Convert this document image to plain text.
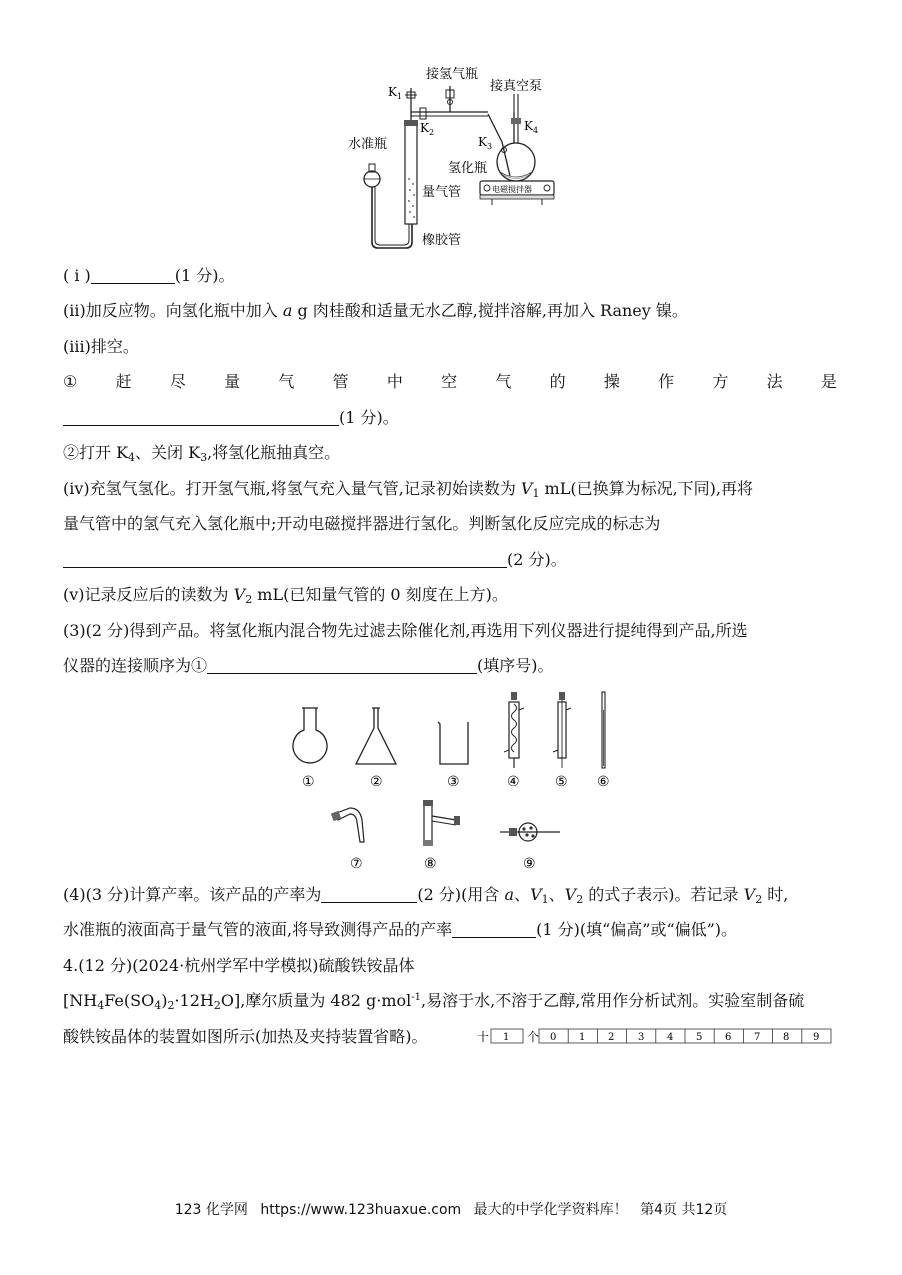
接氢气瓶
接真空泵
$K_1$
$K_2$
$K_3$
$K_4$
水准瓶
氢化瓶
量气管	电磁搅拌器
橡胶管
( ⅰ )	(1 分)。
(ⅱ)加反应物。向氢化瓶中加入 a g 肉桂酸和适量无水乙醇,搅拌溶解,再加入 Raney 镍。
(ⅲ)排空。
① 赶 尽 量 气 管 中 空 气 的 操 作 方 法 是
(1 分)。
②打开 $K_4$、关闭 $K_3$,将氢化瓶抽真空。
(ⅳ)充氢气氢化。打开氢气瓶,将氢气充入量气管,记录初始读数为 $V_1$ mL(已换算为标况,下同),再将
量气管中的氢气充入氢化瓶中;开动电磁搅拌器进行氢化。判断氢化反应完成的标志为
(2 分)。
(ⅴ)记录反应后的读数为 $V_2$ mL(已知量气管的 0 刻度在上方)。
(3)(2 分)得到产品。将氢化瓶内混合物先过滤去除催化剂,再选用下列仪器进行提纯得到产品,所选
仪器的连接顺序为①	(填序号)。
①	②	③	④	⑤ ⑥
⑦	⑧	⑨
(4)(3 分)计算产率。该产品的产率为	(2 分)(用含 a、$V_1$、$V_2$ 的式子表示)。若记录 $V_2$ 时,
水准瓶的液面高于量气管的液面,将导致测得产品的产率	(1 分)(填“偏高”或“偏低”)。
4.(12 分)(2024·杭州学军中学模拟)硫酸铁铵晶体
$[NH_4Fe(SO_4)_2\cdot 12H_2O]$,摩尔质量为 482 g·mol$^{-1}$,易溶于水,不溶于乙醇,常用作分析试剂。实验室制备硫
酸铁铵晶体的装置如图所示(加热及夹持装置省略)。	十 1 个 0 1 2 3 4 5 6 7 8 9
123 化学网 https://www.123huaxue.com 最大的中学化学资料库！ 第4页 共12页
